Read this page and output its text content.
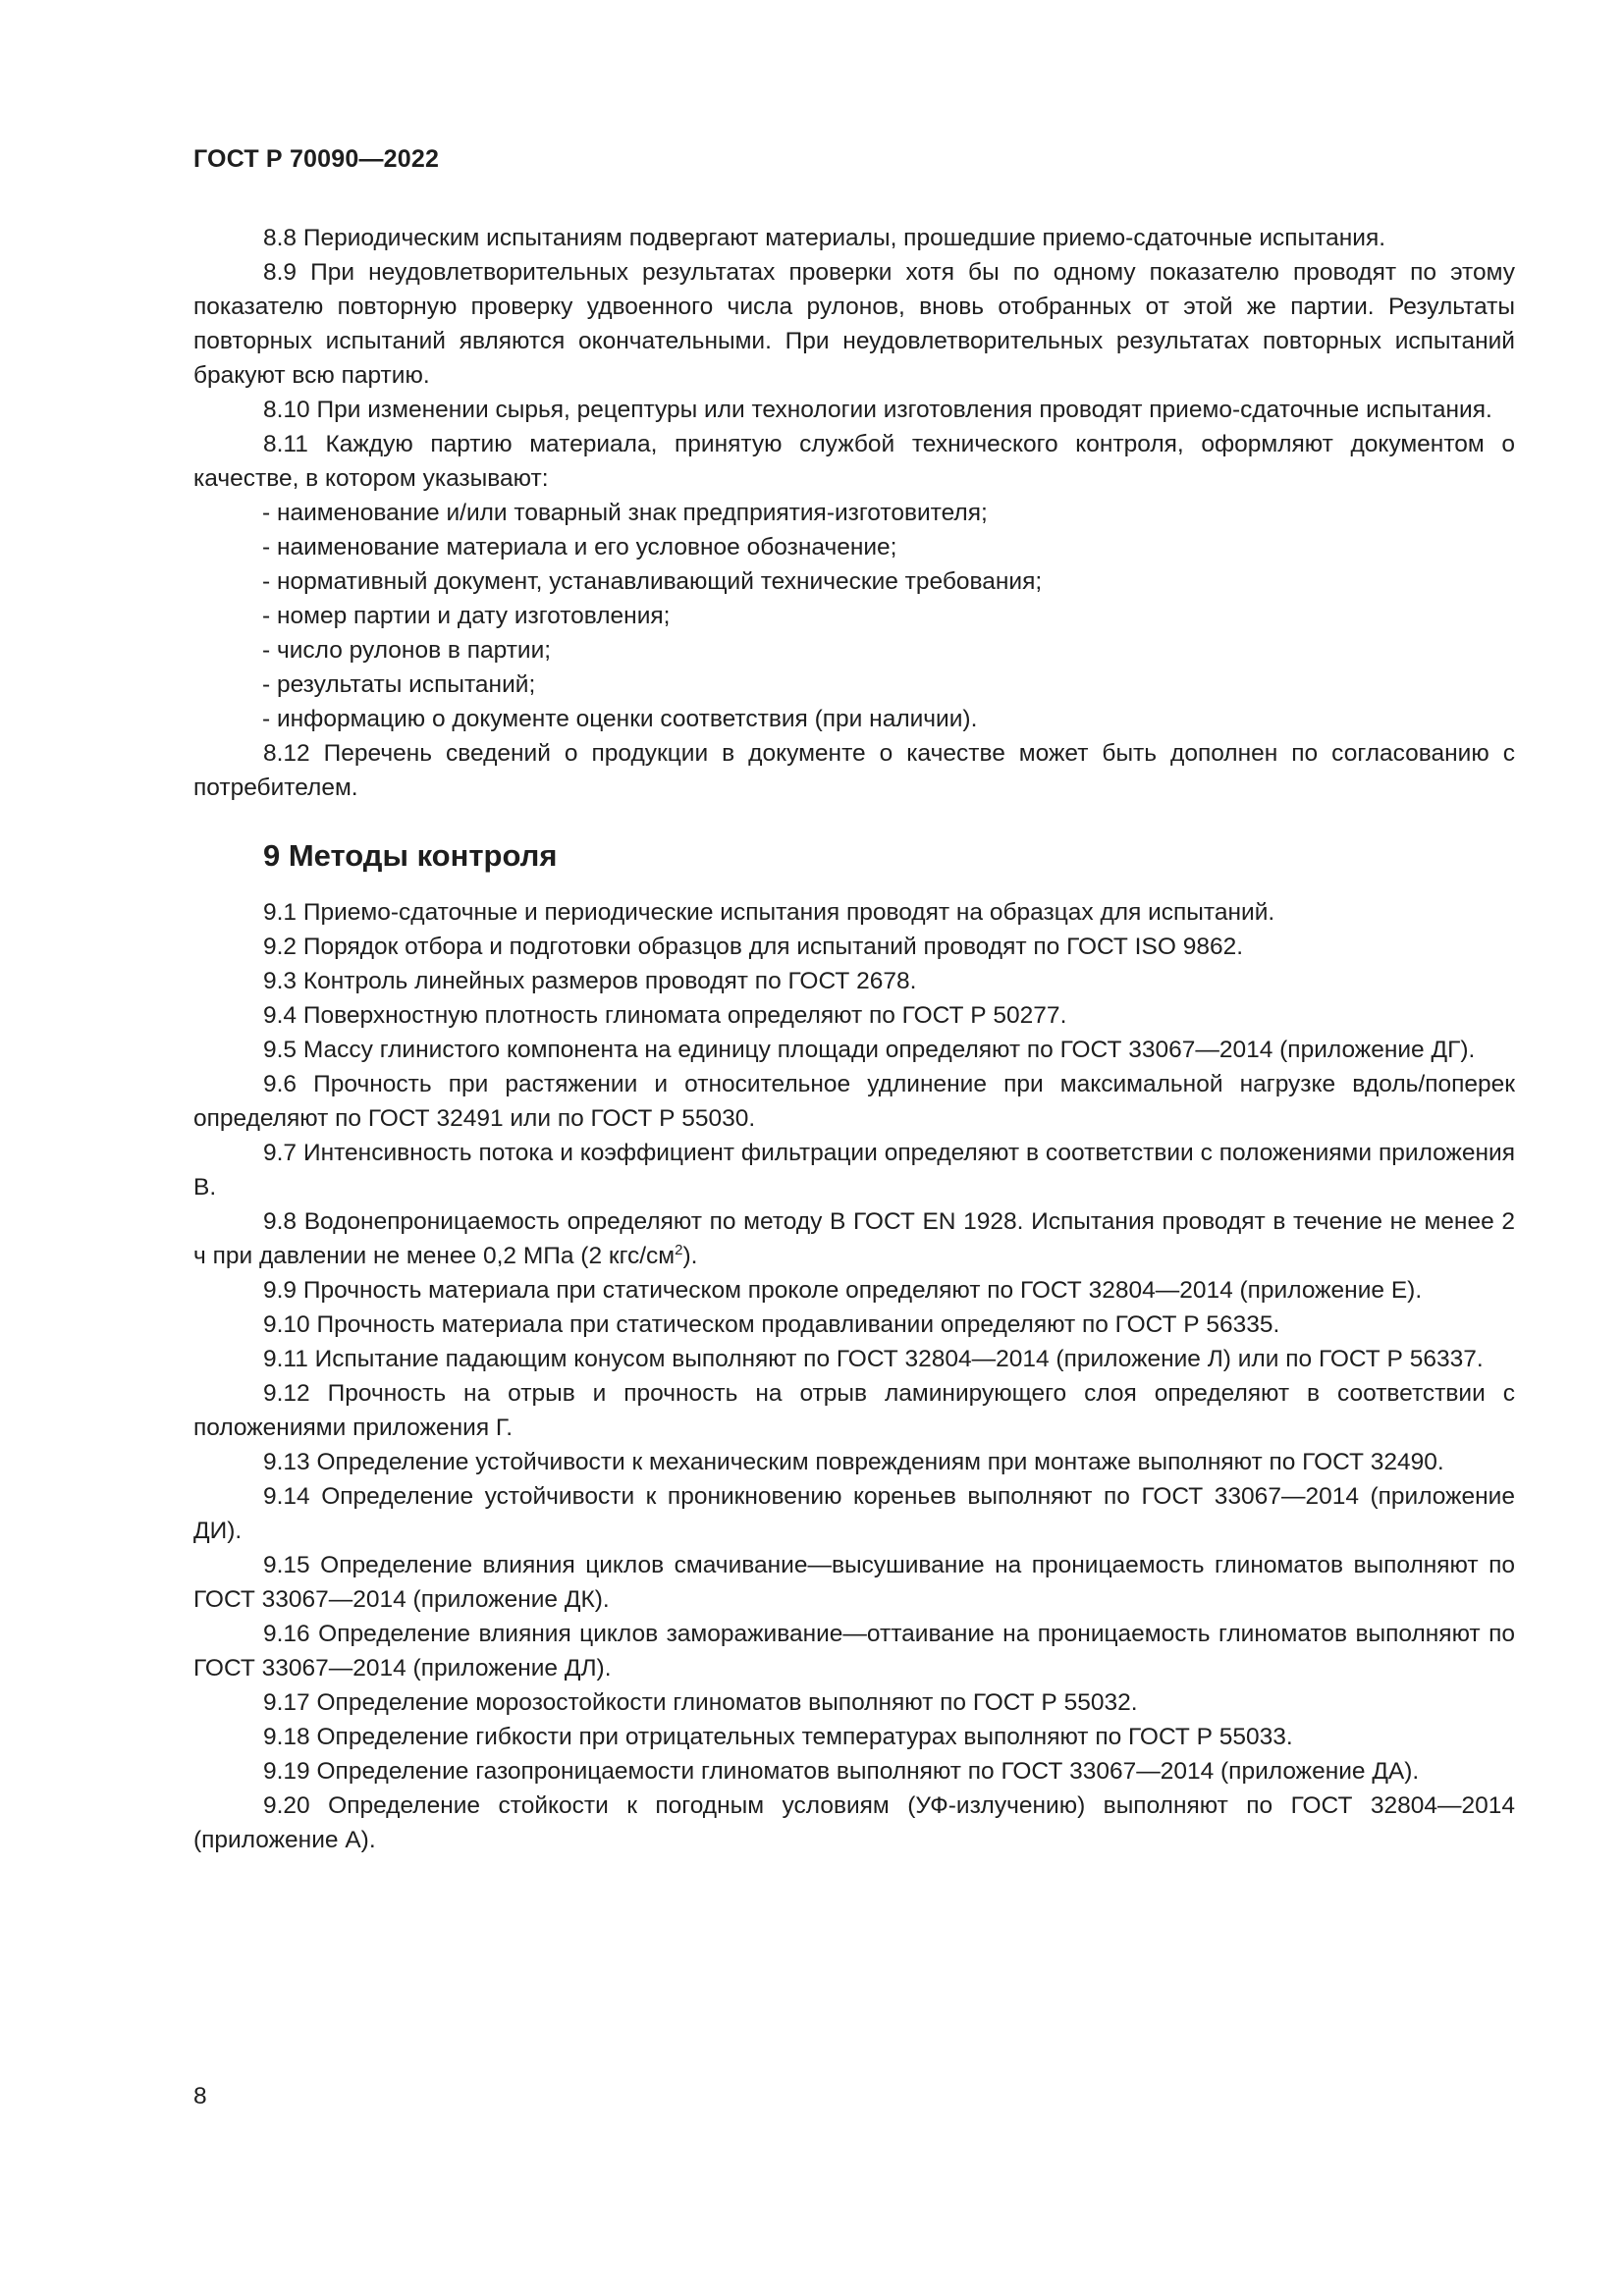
ГОСТ Р 70090—2022

8.8 Периодическим испытаниям подвергают материалы, прошедшие приемо-сдаточные испытания.

8.9 При неудовлетворительных результатах проверки хотя бы по одному показателю проводят по этому показателю повторную проверку удвоенного числа рулонов, вновь отобранных от этой же партии. Результаты повторных испытаний являются окончательными. При неудовлетворительных результатах повторных испытаний бракуют всю партию.

8.10 При изменении сырья, рецептуры или технологии изготовления проводят приемо-сдаточные испытания.

8.11 Каждую партию материала, принятую службой технического контроля, оформляют документом о качестве, в котором указывают:

- наименование и/или товарный знак предприятия-изготовителя;

- наименование материала и его условное обозначение;

- нормативный документ, устанавливающий технические требования;

- номер партии и дату изготовления;

- число рулонов в партии;

- результаты испытаний;

- информацию о документе оценки соответствия (при наличии).

8.12 Перечень сведений о продукции в документе о качестве может быть дополнен по согласованию с потребителем.

9 Методы контроля

9.1 Приемо-сдаточные и периодические испытания проводят на образцах для испытаний.

9.2 Порядок отбора и подготовки образцов для испытаний проводят по ГОСТ ISO 9862.

9.3 Контроль линейных размеров проводят по ГОСТ 2678.

9.4 Поверхностную плотность глиномата определяют по ГОСТ Р 50277.

9.5 Массу глинистого компонента на единицу площади определяют по ГОСТ 33067—2014 (приложение ДГ).

9.6 Прочность при растяжении и относительное удлинение при максимальной нагрузке вдоль/поперек определяют по ГОСТ 32491 или по ГОСТ Р 55030.

9.7 Интенсивность потока и коэффициент фильтрации определяют в соответствии с положениями приложения В.

9.8 Водонепроницаемость определяют по методу В ГОСТ EN 1928. Испытания проводят в течение не менее 2 ч при давлении не менее 0,2 МПа (2 кгс/$см^2$).

9.9 Прочность материала при статическом проколе определяют по ГОСТ 32804—2014 (приложение Е).

9.10 Прочность материала при статическом продавливании определяют по ГОСТ Р 56335.

9.11 Испытание падающим конусом выполняют по ГОСТ 32804—2014 (приложение Л) или по ГОСТ Р 56337.

9.12 Прочность на отрыв и прочность на отрыв ламинирующего слоя определяют в соответствии с положениями приложения Г.

9.13 Определение устойчивости к механическим повреждениям при монтаже выполняют по ГОСТ 32490.

9.14 Определение устойчивости к проникновению кореньев выполняют по ГОСТ 33067—2014 (приложение ДИ).

9.15 Определение влияния циклов смачивание—высушивание на проницаемость глиноматов выполняют по ГОСТ 33067—2014 (приложение ДК).

9.16 Определение влияния циклов замораживание—оттаивание на проницаемость глиноматов выполняют по ГОСТ 33067—2014 (приложение ДЛ).

9.17 Определение морозостойкости глиноматов выполняют по ГОСТ Р 55032.

9.18 Определение гибкости при отрицательных температурах выполняют по ГОСТ Р 55033.

9.19 Определение газопроницаемости глиноматов выполняют по ГОСТ 33067—2014 (приложение ДА).

9.20 Определение стойкости к погодным условиям (УФ-излучению) выполняют по ГОСТ 32804—2014 (приложение А).

8
